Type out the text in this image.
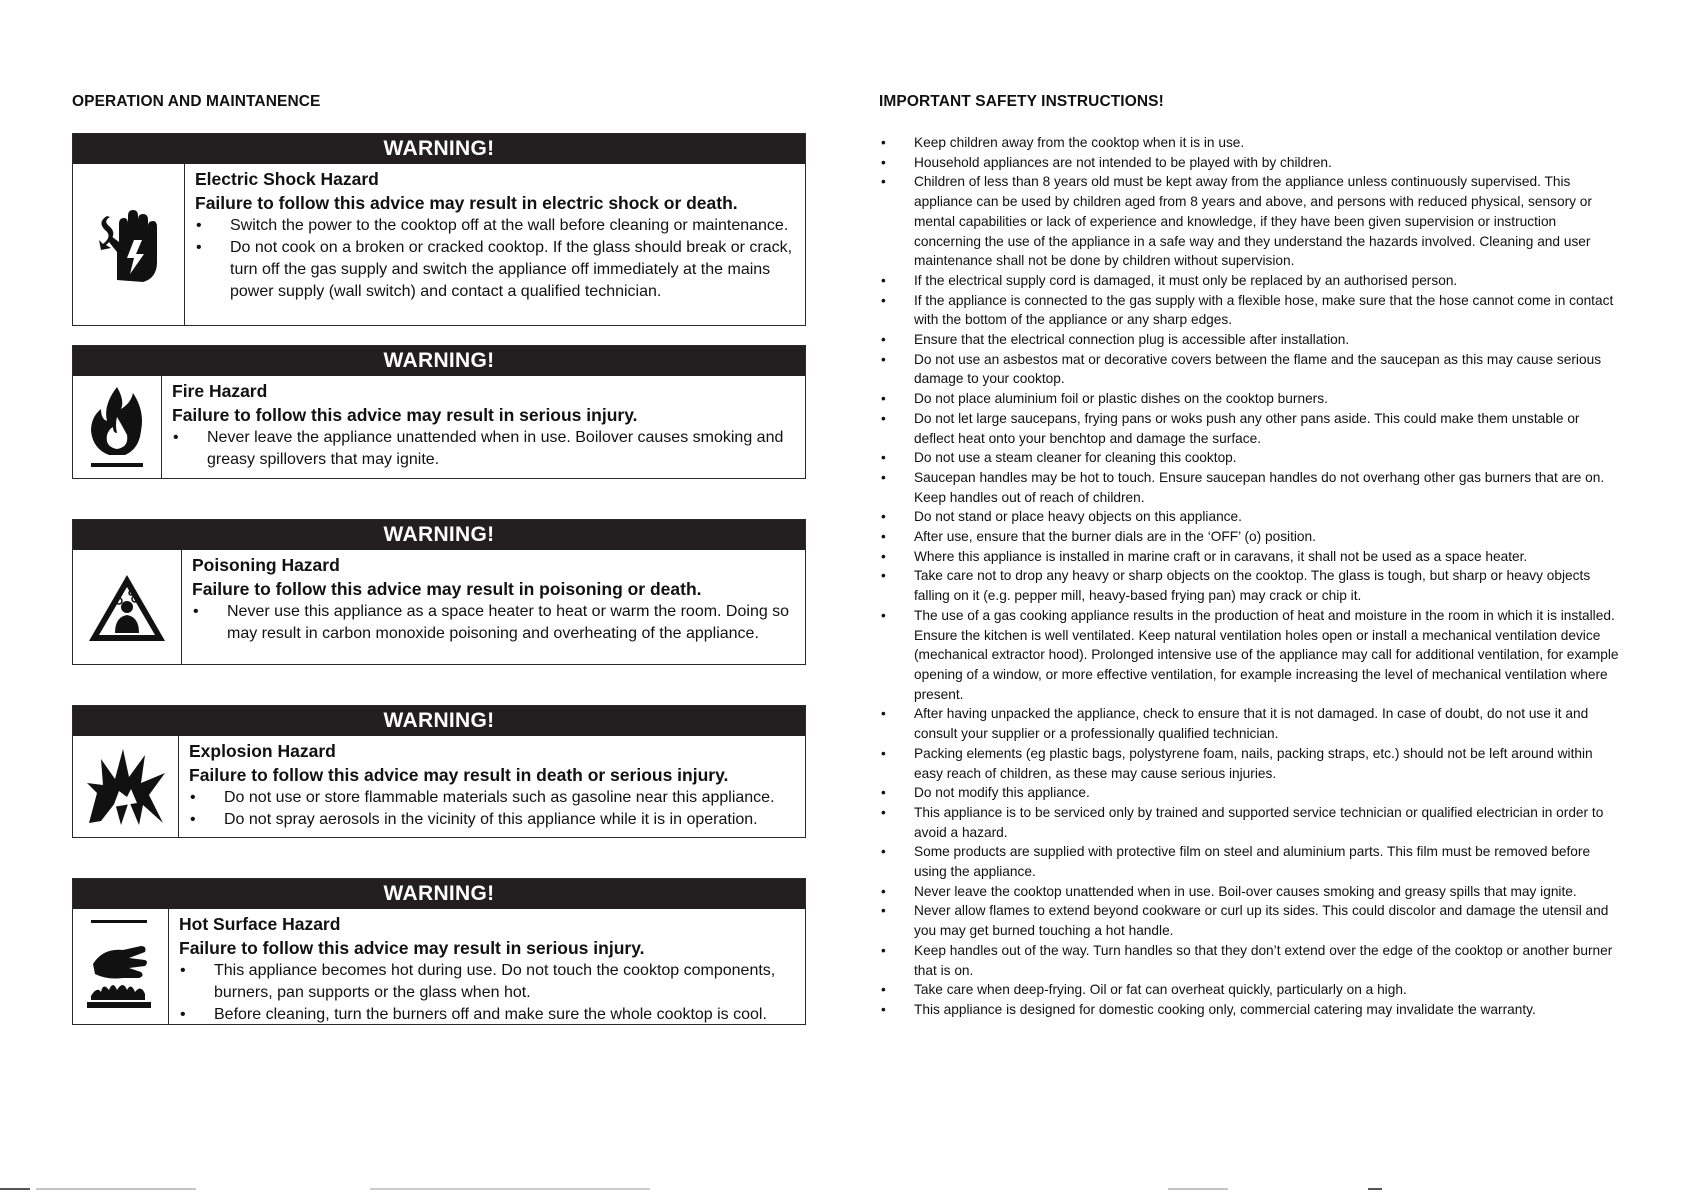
OPERATION AND MAINTANENCE
WARNING!

Electric Shock Hazard

Failure to follow this advice may result in electric shock or death.

• Switch the power to the cooktop off at the wall before cleaning or maintenance.
• Do not cook on a broken or cracked cooktop. If the glass should break or crack, turn off the gas supply and switch the appliance off immediately at the mains power supply (wall switch) and contact a qualified technician.
WARNING!

Fire Hazard

Failure to follow this advice may result in serious injury.

• Never leave the appliance unattended when in use. Boilover causes smoking and greasy spillovers that may ignite.
WARNING!

Poisoning Hazard

Failure to follow this advice may result in poisoning or death.

• Never use this appliance as a space heater to heat or warm the room. Doing so may result in carbon monoxide poisoning and overheating of the appliance.
WARNING!

Explosion Hazard

Failure to follow this advice may result in death or serious injury.

• Do not use or store flammable materials such as gasoline near this appliance.
• Do not spray aerosols in the vicinity of this appliance while it is in operation.
WARNING!

Hot Surface Hazard

Failure to follow this advice may result in serious injury.

• This appliance becomes hot during use. Do not touch the cooktop components, burners, pan supports or the glass when hot.
• Before cleaning, turn the burners off and make sure the whole cooktop is cool.
IMPORTANT SAFETY INSTRUCTIONS!
• Keep children away from the cooktop when it is in use.
• Household appliances are not intended to be played with by children.
• Children of less than 8 years old must be kept away from the appliance unless continuously supervised. This appliance can be used by children aged from 8 years and above, and persons with reduced physical, sensory or mental capabilities or lack of experience and knowledge, if they have been given supervision or instruction concerning the use of the appliance in a safe way and they understand the hazards involved. Cleaning and user maintenance shall not be done by children without supervision.
• If the electrical supply cord is damaged, it must only be replaced by an authorised person.
• If the appliance is connected to the gas supply with a flexible hose, make sure that the hose cannot come in contact with the bottom of the appliance or any sharp edges.
• Ensure that the electrical connection plug is accessible after installation.
• Do not use an asbestos mat or decorative covers between the flame and the saucepan as this may cause serious damage to your cooktop.
• Do not place aluminium foil or plastic dishes on the cooktop burners.
• Do not let large saucepans, frying pans or woks push any other pans aside. This could make them unstable or deflect heat onto your benchtop and damage the surface.
• Do not use a steam cleaner for cleaning this cooktop.
• Saucepan handles may be hot to touch. Ensure saucepan handles do not overhang other gas burners that are on. Keep handles out of reach of children.
• Do not stand or place heavy objects on this appliance.
• After use, ensure that the burner dials are in the ‘OFF’ (o) position.
• Where this appliance is installed in marine craft or in caravans, it shall not be used as a space heater.
• Take care not to drop any heavy or sharp objects on the cooktop. The glass is tough, but sharp or heavy objects falling on it (e.g. pepper mill, heavy-based frying pan) may crack or chip it.
• The use of a gas cooking appliance results in the production of heat and moisture in the room in which it is installed. Ensure the kitchen is well ventilated. Keep natural ventilation holes open or install a mechanical ventilation device (mechanical extractor hood). Prolonged intensive use of the appliance may call for additional ventilation, for example opening of a window, or more effective ventilation, for example increasing the level of mechanical ventilation where present.
• After having unpacked the appliance, check to ensure that it is not damaged. In case of doubt, do not use it and consult your supplier or a professionally qualified technician.
• Packing elements (eg plastic bags, polystyrene foam, nails, packing straps, etc.) should not be left around within easy reach of children, as these may cause serious injuries.
• Do not modify this appliance.
• This appliance is to be serviced only by trained and supported service technician or qualified electrician in order to avoid a hazard.
• Some products are supplied with protective film on steel and aluminium parts. This film must be removed before using the appliance.
• Never leave the cooktop unattended when in use. Boil-over causes smoking and greasy spills that may ignite.
• Never allow flames to extend beyond cookware or curl up its sides. This could discolor and damage the utensil and you may get burned touching a hot handle.
• Keep handles out of the way. Turn handles so that they don’t extend over the edge of the cooktop or another burner that is on.
• Take care when deep-frying. Oil or fat can overheat quickly, particularly on a high.
• This appliance is designed for domestic cooking only, commercial catering may invalidate the warranty.
